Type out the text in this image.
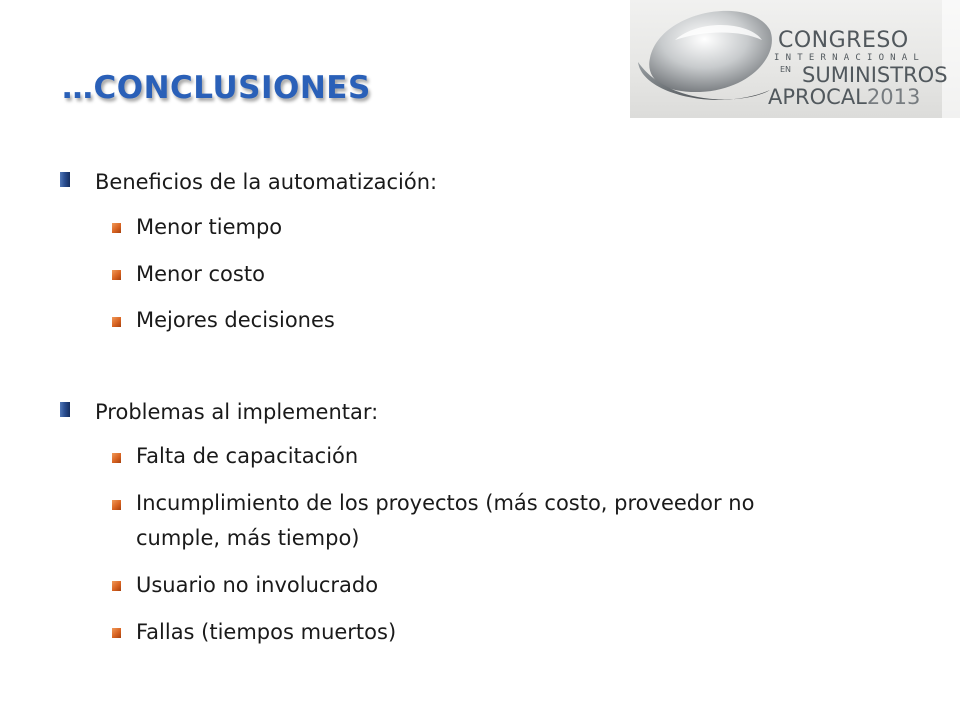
…CONCLUSIONES
CONGRESO
INTERNACIONAL
EN SUMINISTROS
APROCAL2013
Beneficios de la automatización:
Menor tiempo
Menor costo
Mejores decisiones
Problemas al implementar:
Falta de capacitación
Incumplimiento de los proyectos (más costo, proveedor no
cumple, más tiempo)
Usuario no involucrado
Fallas (tiempos muertos)
